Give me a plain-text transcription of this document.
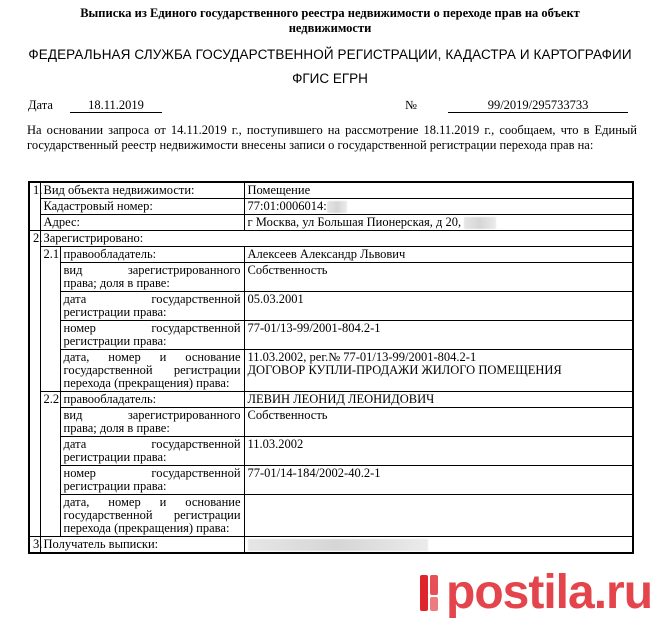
Выписка из Единого государственного реестра недвижимости о переходе прав на объект
недвижимости
ФЕДЕРАЛЬНАЯ СЛУЖБА ГОСУДАРСТВЕННОЙ РЕГИСТРАЦИИ, КАДАСТРА И КАРТОГРАФИИ
ФГИС ЕГРН
Дата	18.11.2019	№	99/2019/295733733
На основании запроса от 14.11.2019 г., поступившего на рассмотрение 18.11.2019 г., сообщаем, что в Единый государственный реестр недвижимости внесены записи о государственной регистрации перехода прав на:
1.	Вид объекта недвижимости:		Помещение
	Кадастровый номер:		77:01:0006014:
	Адрес:		г Москва, ул Большая Пионерская, д 20,
2.	Зарегистрировано:		
	2.1	правообладатель:	Алексеев Александр Львович

		вид зарегистрированного
права; доля в праве:	Собственность

		дата государственной
регистрации права:	05.03.2001

		номер государственной
регистрации права:	77-01/13-99/2001-804.2-1

		дата, номер и основание
государственной регистрации
перехода (прекращения) права:	11.03.2002, рег.№ 77-01/13-99/2001-804.2-1
ДОГОВОР КУПЛИ-ПРОДАЖИ ЖИЛОГО ПОМЕЩЕНИЯ

	2.2	правообладатель:	ЛЕВИН ЛЕОНИД ЛЕОНИДОВИЧ

		вид зарегистрированного
права; доля в праве:	Собственность

		дата государственной
регистрации права:	11.03.2002

		номер государственной
регистрации права:	77-01/14-184/2002-40.2-1

		дата, номер и основание
государственной регистрации
перехода (прекращения) права:	

3.	Получатель выписки:		
postila.ru
